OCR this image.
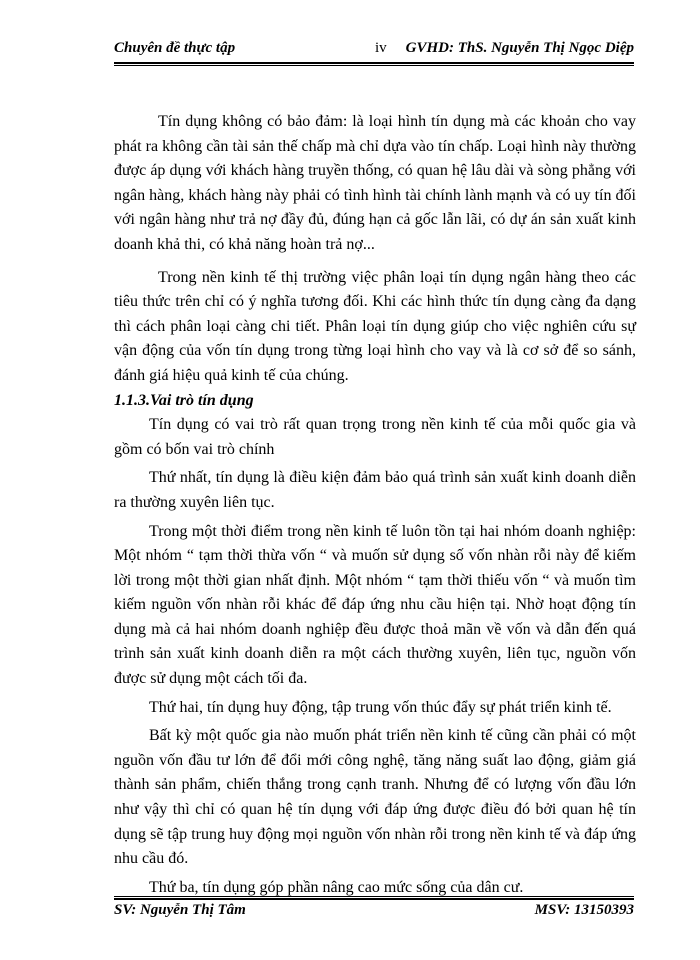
Chuyên đề thực tập	iv GVHD: ThS. Nguyễn Thị Ngọc Diệp

Tín dụng không có bảo đảm: là loại hình tín dụng mà các khoản cho vay phát ra không cần tài sản thế chấp mà chỉ dựa vào tín chấp. Loại hình này thường được áp dụng với khách hàng truyền thống, có quan hệ lâu dài và sòng phẳng với ngân hàng, khách hàng này phải có tình hình tài chính lành mạnh và có uy tín đối với ngân hàng như trả nợ đầy đủ, đúng hạn cả gốc lẫn lãi, có dự án sản xuất kinh doanh khả thi, có khả năng hoàn trả nợ...

Trong nền kinh tế thị trường việc phân loại tín dụng ngân hàng theo các tiêu thức trên chỉ có ý nghĩa tương đối. Khi các hình thức tín dụng càng đa dạng thì cách phân loại càng chi tiết. Phân loại tín dụng giúp cho việc nghiên cứu sự vận động của vốn tín dụng trong từng loại hình cho vay và là cơ sở để so sánh, đánh giá hiệu quả kinh tế của chúng.

1.1.3.Vai trò tín dụng

Tín dụng có vai trò rất quan trọng trong nền kinh tế của mỗi quốc gia và gồm có bốn vai trò chính

Thứ nhất, tín dụng là điều kiện đảm bảo quá trình sản xuất kinh doanh diễn ra thường xuyên liên tục.

Trong một thời điểm trong nền kinh tế luôn tồn tại hai nhóm doanh nghiệp: Một nhóm “ tạm thời thừa vốn “ và muốn sử dụng số vốn nhàn rỗi này để kiếm lời trong một thời gian nhất định. Một nhóm “ tạm thời thiếu vốn “ và muốn tìm kiếm nguồn vốn nhàn rỗi khác để đáp ứng nhu cầu hiện tại. Nhờ hoạt động tín dụng mà cả hai nhóm doanh nghiệp đều được thoả mãn về vốn và dẫn đến quá trình sản xuất kinh doanh diễn ra một cách thường xuyên, liên tục, nguồn vốn được sử dụng một cách tối đa.

Thứ hai, tín dụng huy động, tập trung vốn thúc đẩy sự phát triển kinh tế.

Bất kỳ một quốc gia nào muốn phát triển nền kinh tế cũng cần phải có một nguồn vốn đầu tư lớn để đổi mới công nghệ, tăng năng suất lao động, giảm giá thành sản phẩm, chiến thắng trong cạnh tranh. Nhưng để có lượng vốn đầu lớn như vậy thì chỉ có quan hệ tín dụng với đáp ứng được điều đó bởi quan hệ tín dụng sẽ tập trung huy động mọi nguồn vốn nhàn rỗi trong nền kinh tế và đáp ứng nhu cầu đó.

Thứ ba, tín dụng góp phần nâng cao mức sống của dân cư.

SV: Nguyễn Thị Tâm	MSV: 13150393
